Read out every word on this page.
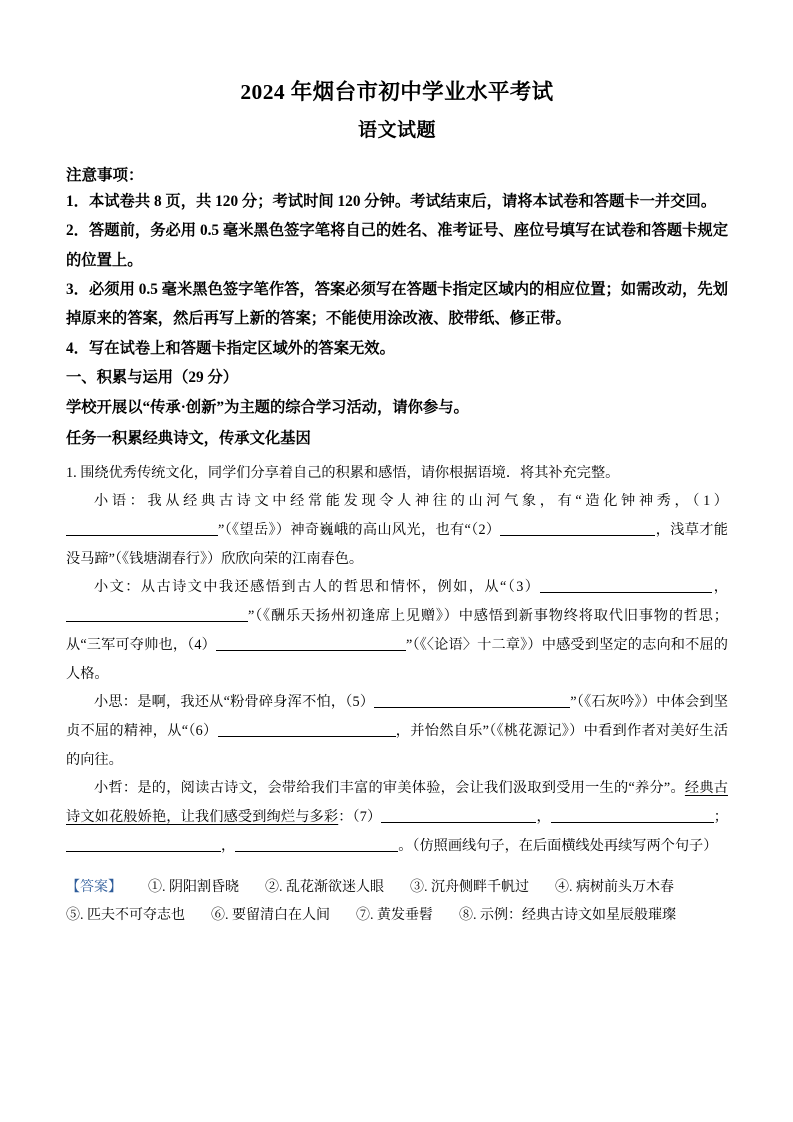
2024 年烟台市初中学业水平考试
语文试题

注意事项：

1．本试卷共 8 页，共 120 分；考试时间 120 分钟。考试结束后，请将本试卷和答题卡一并交回。

2．答题前，务必用 0.5 毫米黑色签字笔将自己的姓名、准考证号、座位号填写在试卷和答题卡规定的位置上。

3．必须用 0.5 毫米黑色签字笔作答，答案必须写在答题卡指定区域内的相应位置；如需改动，先划掉原来的答案，然后再写上新的答案；不能使用涂改液、胶带纸、修正带。

4．写在试卷上和答题卡指定区域外的答案无效。

一、积累与运用（29 分）

学校开展以“传承·创新”为主题的综合学习活动，请你参与。

任务一积累经典诗文，传承文化基因

1. 围绕优秀传统文化，同学们分享着自己的积累和感悟，请你根据语境．将其补充完整。

小语：我从经典古诗文中经常能发现令人神往的山河气象，有“造化钟神秀，（1）”（《望岳》）神奇巍峨的高山风光，也有“（2）	，浅草才能没马蹄”（《钱塘湖春行》）欣欣向荣的江南春色。

小文：从古诗文中我还感悟到古人的哲思和情怀，例如，从“（3）	，”（《酬乐天扬州初逢席上见赠》）中感悟到新事物终将取代旧事物的哲思；从“三军可夺帅也，（4）	”（《〈论语〉十二章》）中感受到坚定的志向和不屈的人格。

小思：是啊，我还从“粉骨碎身浑不怕，（5）	”（《石灰吟》）中体会到坚贞不屈的精神，从“（6）	，并怡然自乐”（《桃花源记》）中看到作者对美好生活的向往。

小哲：是的，阅读古诗文，会带给我们丰富的审美体验，会让我们汲取到受用一生的“养分”。经典古诗文如花般娇艳，让我们感受到绚烂与多彩：（7）	，	；，	。（仿照画线句子，在后面横线处再续写两个句子）

【答案】 ①. 阴阳割昏晓 ②. 乱花渐欲迷人眼 ③. 沉舟侧畔千帆过 ④. 病树前头万木春⑤. 匹夫不可夺志也 ⑥. 要留清白在人间 ⑦. 黄发垂髫 ⑧. 示例：经典古诗文如星辰般璀璨
